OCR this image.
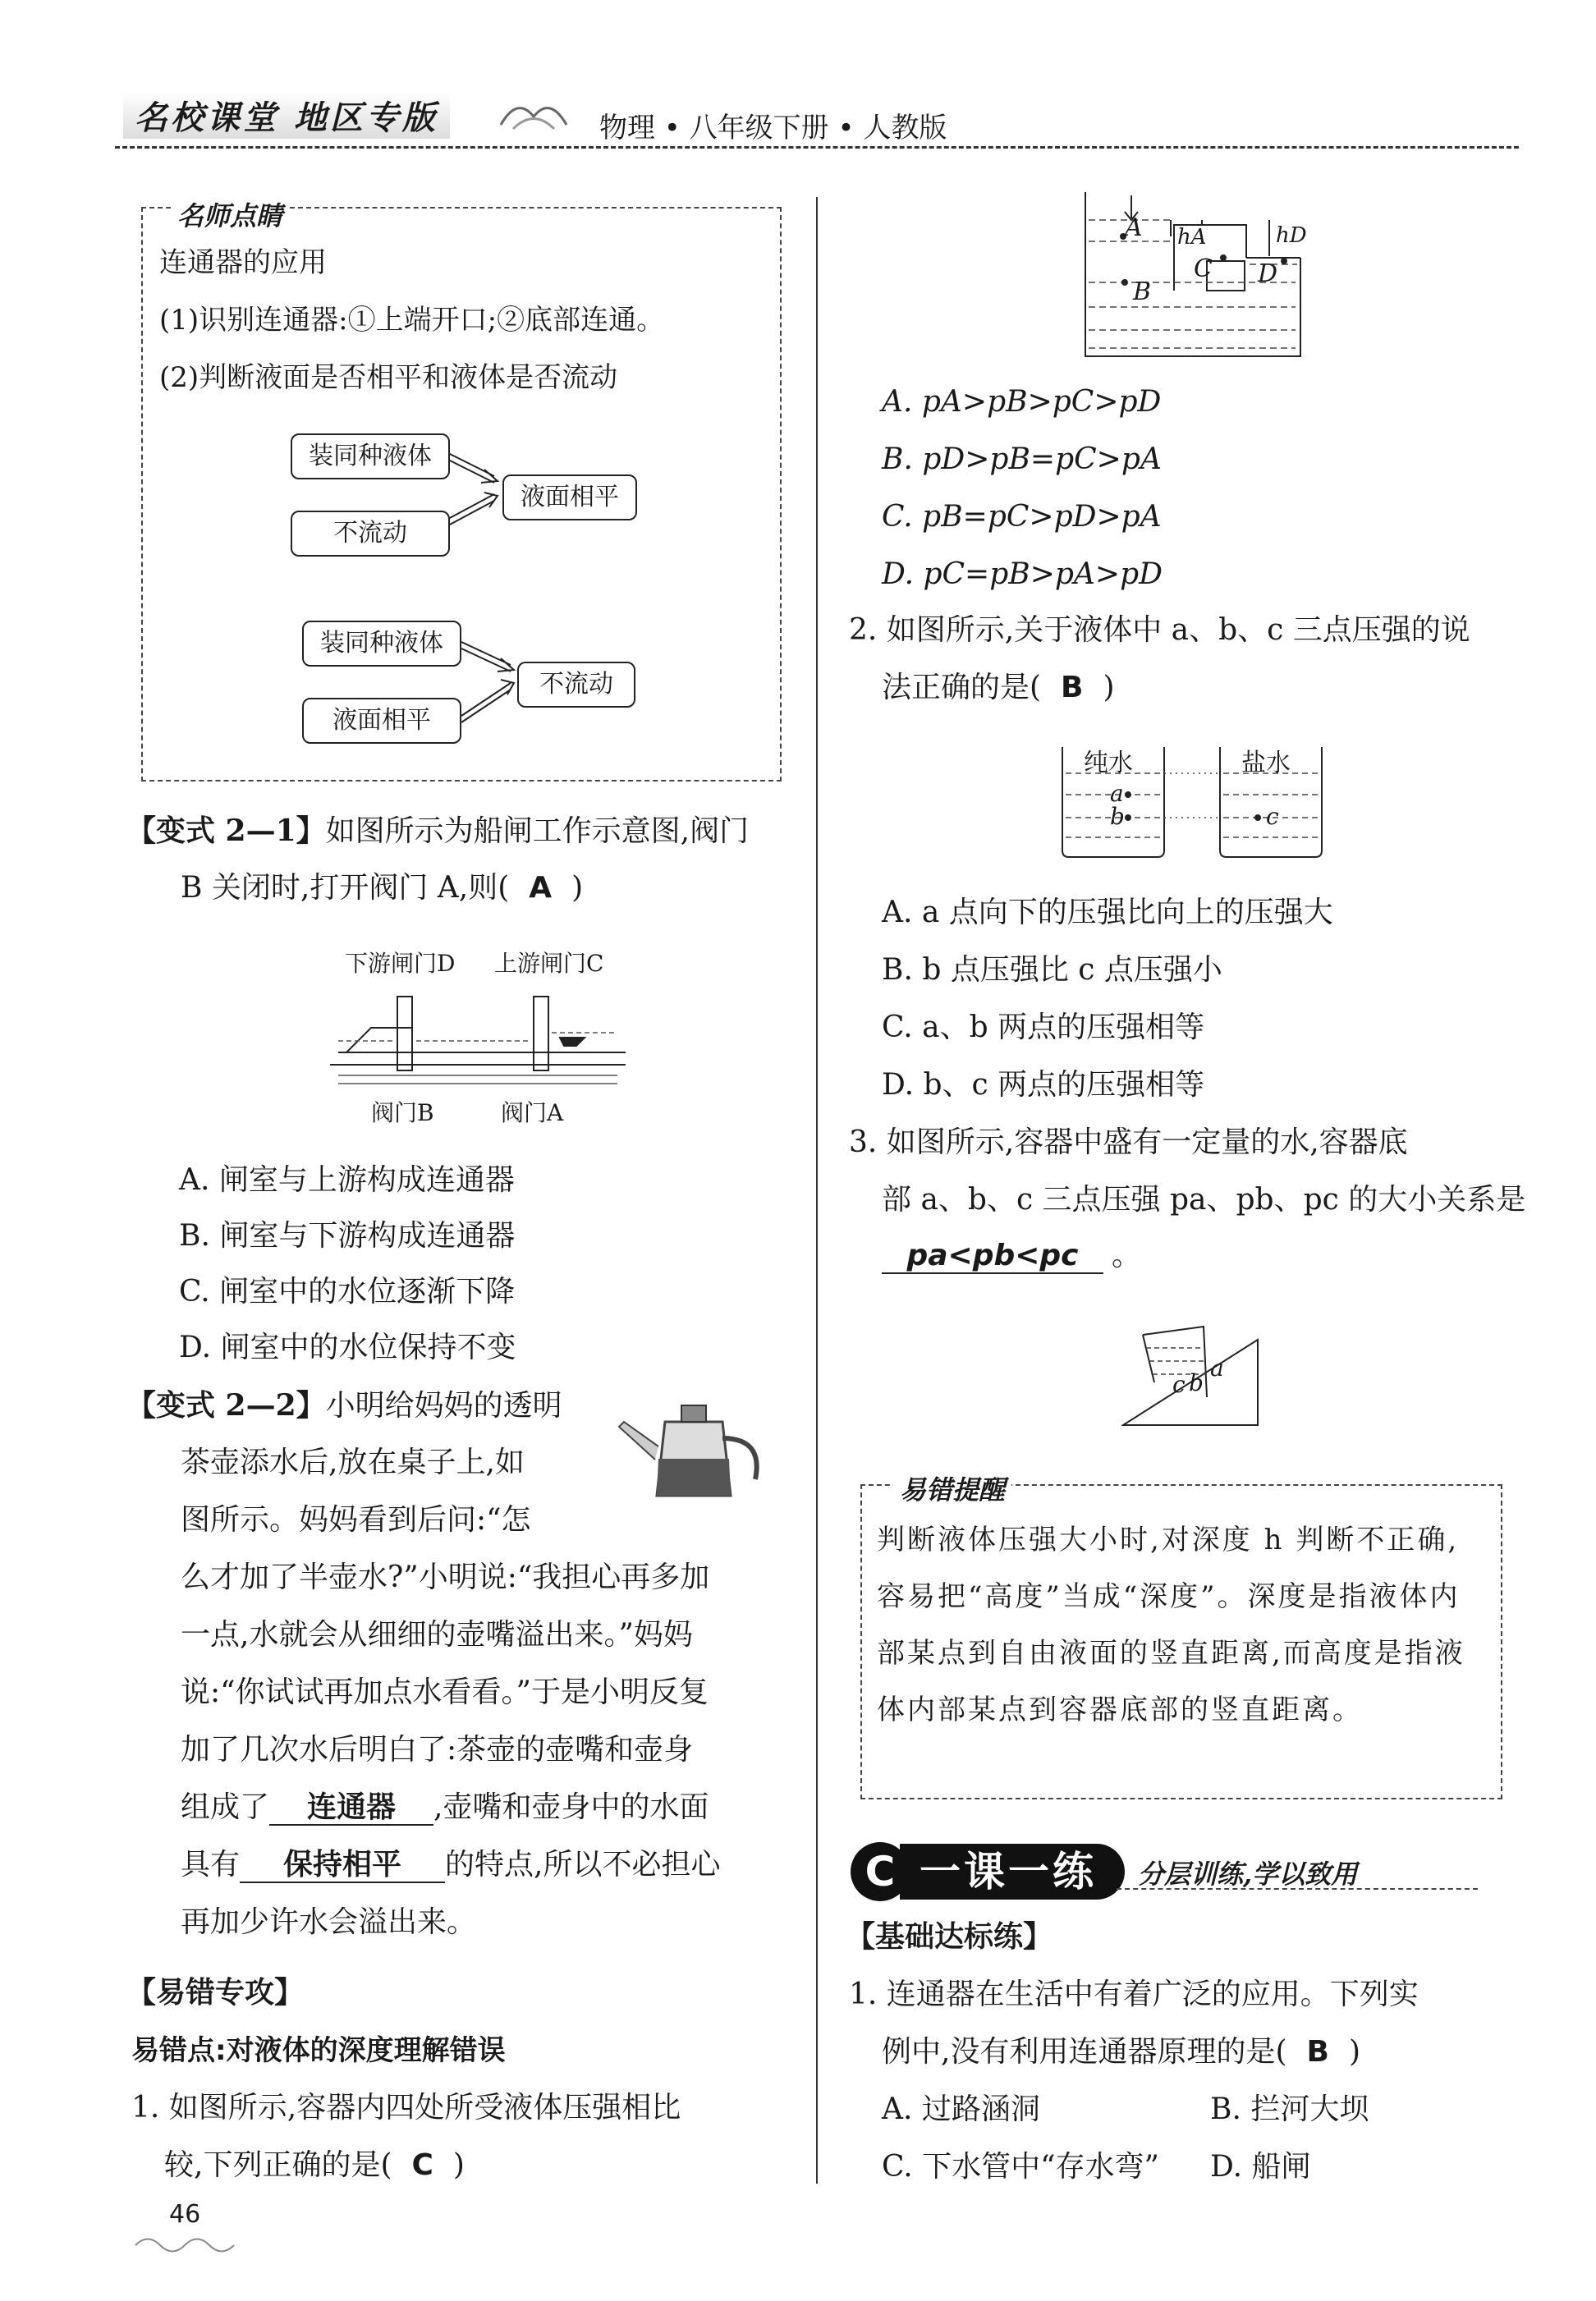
名校课堂 地区专版	物理 • 八年级下册 • 人教版
名师点睛
连通器的应用
(1)识别连通器:①上端开口;②底部连通。
(2)判断液面是否相平和液体是否流动
装同种液体
不流动
液面相平
装同种液体
液面相平
不流动
【变式 2—1】如图所示为船闸工作示意图,阀门
B 关闭时,打开阀门 A,则( A )
下游闸门D 上游闸门C
阀门B	阀门A
A. 闸室与上游构成连通器
B. 闸室与下游构成连通器
C. 闸室中的水位逐渐下降
D. 闸室中的水位保持不变
【变式 2—2】小明给妈妈的透明
茶壶添水后,放在桌子上,如
图所示。妈妈看到后问:“怎
么才加了半壶水?”小明说:“我担心再多加
一点,水就会从细细的壶嘴溢出来。”妈妈
说:“你试试再加点水看看。”于是小明反复
加了几次水后明白了:茶壶的壶嘴和壶身
组成了 连通器 ,壶嘴和壶身中的水面
具有 保持相平 的特点,所以不必担心
再加少许水会溢出来。
【易错专攻】
易错点:对液体的深度理解错误
1. 如图所示,容器内四处所受液体压强相比
较,下列正确的是( C )
A
B
C D
hA	hD
A. pA>pB>pC>pD
B. pD>pB=pC>pA
C. pB=pC>pD>pA
D. pC=pB>pA>pD
2. 如图所示,关于液体中 a、b、c 三点压强的说
法正确的是( B )
纯水	盐水
a
b	c
A. a 点向下的压强比向上的压强大
B. b 点压强比 c 点压强小
C. a、b 两点的压强相等
D. b、c 两点的压强相等
3. 如图所示,容器中盛有一定量的水,容器底
部 a、b、c 三点压强 pa、pb、pc 的大小关系是
pa<pb<pc 。
a
c b
易错提醒
判断液体压强大小时,对深度 h 判断不正确,容易把“高度”当成“深度”。深度是指液体内部某点到自由液面的竖直距离,而高度是指液体内部某点到容器底部的竖直距离。
一课一练
C	分层训练,学以致用
【基础达标练】
1. 连通器在生活中有着广泛的应用。下列实
例中,没有利用连通器原理的是( B )
A. 过路涵洞	B. 拦河大坝
C. 下水管中“存水弯” D. 船闸
46
